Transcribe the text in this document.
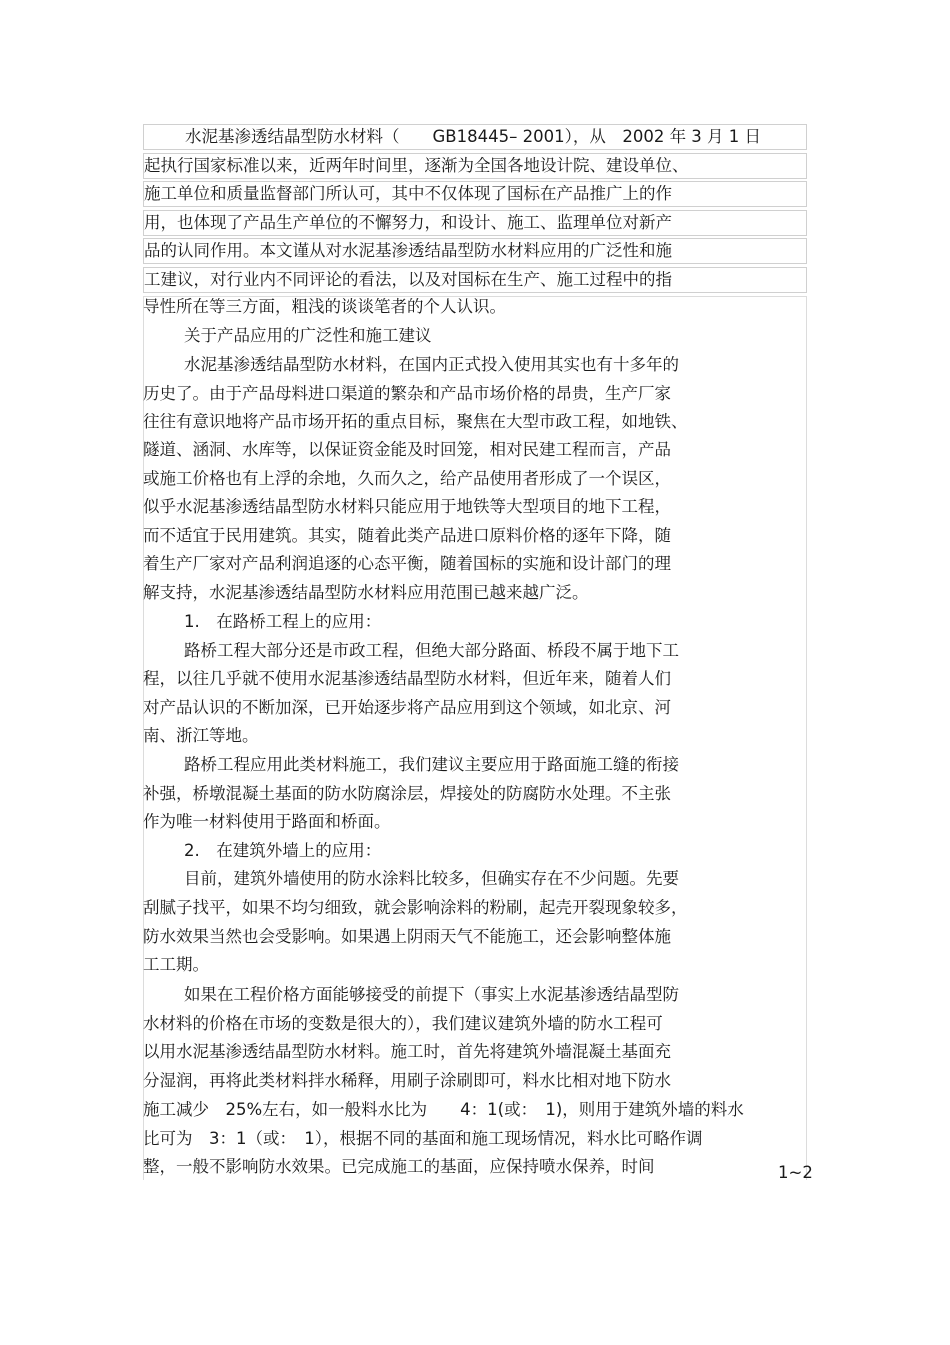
水泥基渗透结晶型防水材料（　　GB18445– 2001），从　2002 年 3 月 1 日
起执行国家标准以来，近两年时间里，逐渐为全国各地设计院、建设单位、
施工单位和质量监督部门所认可，其中不仅体现了国标在产品推广上的作
用，也体现了产品生产单位的不懈努力，和设计、施工、监理单位对新产
品的认同作用。本文谨从对水泥基渗透结晶型防水材料应用的广泛性和施
工建议，对行业内不同评论的看法，以及对国标在生产、施工过程中的指
导性所在等三方面，粗浅的谈谈笔者的个人认识。
关于产品应用的广泛性和施工建议
水泥基渗透结晶型防水材料，在国内正式投入使用其实也有十多年的
历史了。由于产品母料进口渠道的繁杂和产品市场价格的昂贵，生产厂家
往往有意识地将产品市场开拓的重点目标，聚焦在大型市政工程，如地铁、
隧道、涵洞、水库等，以保证资金能及时回笼，相对民建工程而言，产品
或施工价格也有上浮的余地，久而久之，给产品使用者形成了一个误区，
似乎水泥基渗透结晶型防水材料只能应用于地铁等大型项目的地下工程，
而不适宜于民用建筑。其实，随着此类产品进口原料价格的逐年下降，随
着生产厂家对产品利润追逐的心态平衡，随着国标的实施和设计部门的理
解支持，水泥基渗透结晶型防水材料应用范围已越来越广泛。
1.　在路桥工程上的应用：
路桥工程大部分还是市政工程，但绝大部分路面、桥段不属于地下工
程，以往几乎就不使用水泥基渗透结晶型防水材料，但近年来，随着人们
对产品认识的不断加深，已开始逐步将产品应用到这个领域，如北京、河
南、浙江等地。
路桥工程应用此类材料施工，我们建议主要应用于路面施工缝的衔接
补强，桥墩混凝土基面的防水防腐涂层，焊接处的防腐防水处理。不主张
作为唯一材料使用于路面和桥面。
2.　在建筑外墙上的应用：
目前，建筑外墙使用的防水涂料比较多，但确实存在不少问题。先要
刮腻子找平，如果不均匀细致，就会影响涂料的粉刷，起壳开裂现象较多，
防水效果当然也会受影响。如果遇上阴雨天气不能施工，还会影响整体施
工工期。
如果在工程价格方面能够接受的前提下（事实上水泥基渗透结晶型防
水材料的价格在市场的变数是很大的），我们建议建筑外墙的防水工程可
以用水泥基渗透结晶型防水材料。施工时，首先将建筑外墙混凝土基面充
分湿润，再将此类材料拌水稀释，用刷子涂刷即可，料水比相对地下防水
施工减少　25%左右，如一般料水比为　　4：1(或：　1)，则用于建筑外墙的料水
比可为　3：1（或：　1），根据不同的基面和施工现场情况，料水比可略作调
整，一般不影响防水效果。已完成施工的基面，应保持喷水保养，时间	1~2
